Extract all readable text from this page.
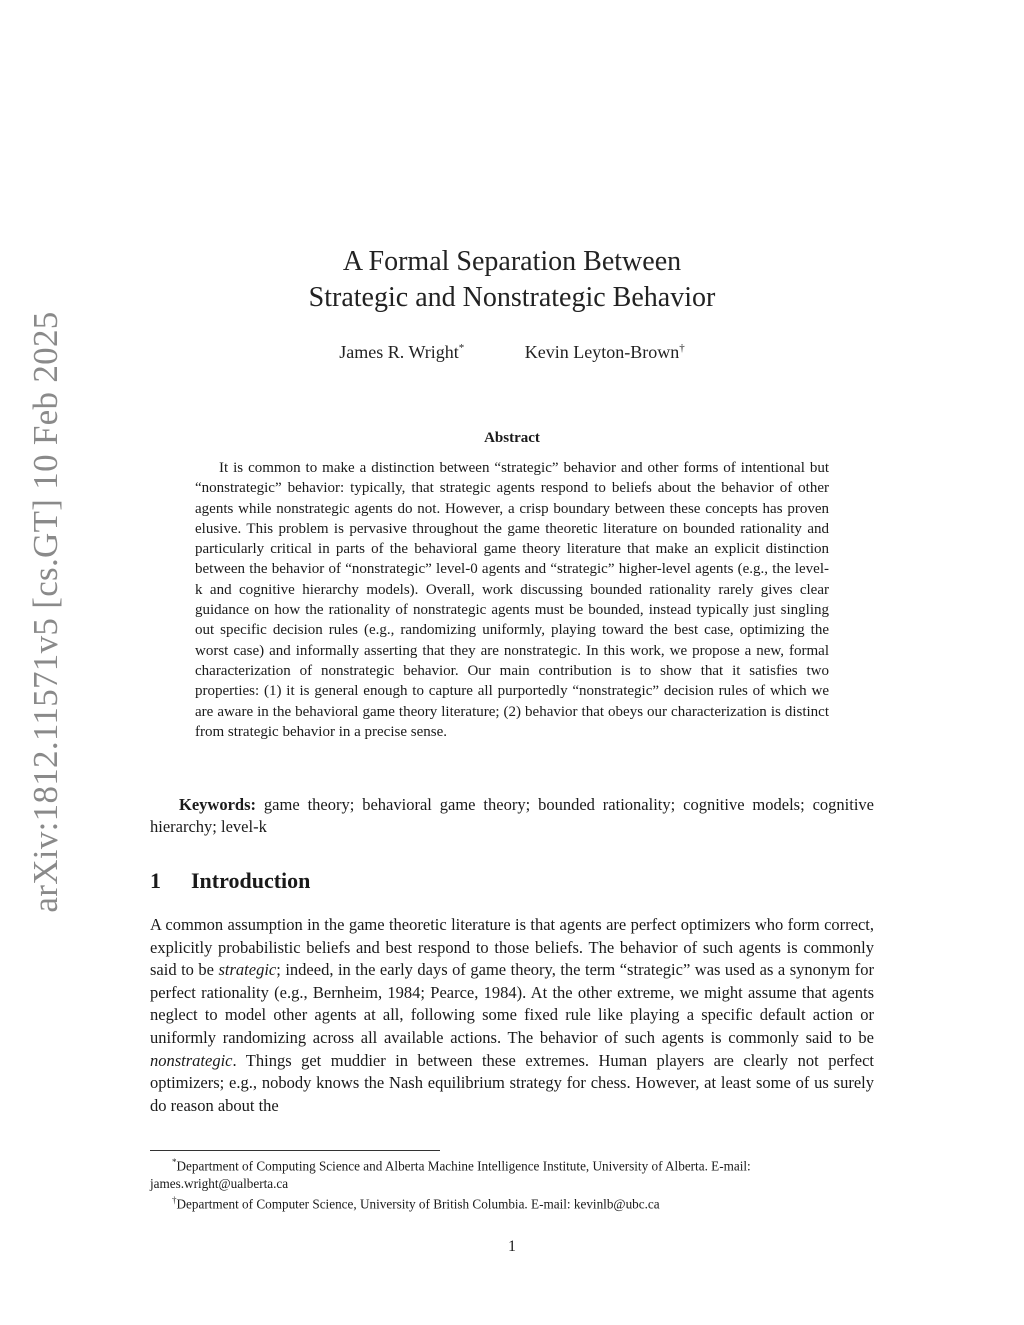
arXiv:1812.11571v5 [cs.GT] 10 Feb 2025
A Formal Separation Between
Strategic and Nonstrategic Behavior
James R. Wright*	Kevin Leyton-Brown†
Abstract
It is common to make a distinction between “strategic” behavior and other forms of intentional but “nonstrategic” behavior: typically, that strategic agents respond to beliefs about the behavior of other agents while nonstrategic agents do not. However, a crisp boundary between these concepts has proven elusive. This problem is pervasive throughout the game theoretic literature on bounded rationality and particularly critical in parts of the behavioral game theory literature that make an explicit distinction between the behavior of “nonstrategic” level-0 agents and “strategic” higher-level agents (e.g., the level-k and cognitive hierarchy models). Overall, work discussing bounded rationality rarely gives clear guidance on how the rationality of nonstrategic agents must be bounded, instead typically just singling out specific decision rules (e.g., randomizing uniformly, playing toward the best case, optimizing the worst case) and informally asserting that they are nonstrategic. In this work, we propose a new, formal characterization of nonstrategic behavior. Our main contribution is to show that it satisfies two properties: (1) it is general enough to capture all purportedly “nonstrategic” decision rules of which we are aware in the behavioral game theory literature; (2) behavior that obeys our characterization is distinct from strategic behavior in a precise sense.
Keywords: game theory; behavioral game theory; bounded rationality; cognitive models; cognitive hierarchy; level-k
1 Introduction
A common assumption in the game theoretic literature is that agents are perfect optimizers who form correct, explicitly probabilistic beliefs and best respond to those beliefs. The behavior of such agents is commonly said to be strategic; indeed, in the early days of game theory, the term “strategic” was used as a synonym for perfect rationality (e.g., Bernheim, 1984; Pearce, 1984). At the other extreme, we might assume that agents neglect to model other agents at all, following some fixed rule like playing a specific default action or uniformly randomizing across all available actions. The behavior of such agents is commonly said to be nonstrategic. Things get muddier in between these extremes. Human players are clearly not perfect optimizers; e.g., nobody knows the Nash equilibrium strategy for chess. However, at least some of us surely do reason about the

*Department of Computing Science and Alberta Machine Intelligence Institute, University of Alberta. E-mail: james.wright@ualberta.ca

†Department of Computer Science, University of British Columbia. E-mail: kevinlb@ubc.ca

1
